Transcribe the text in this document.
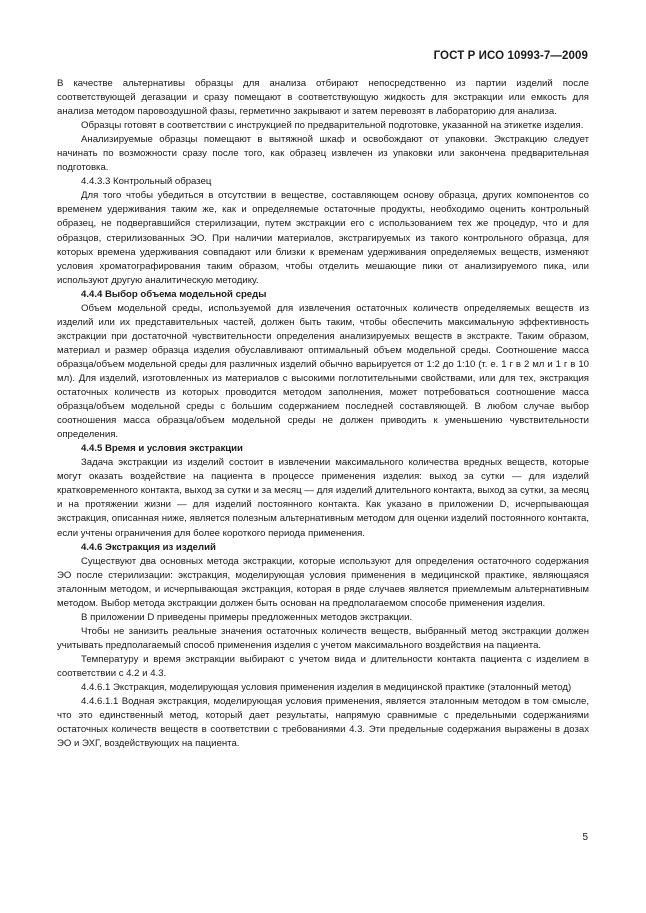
ГОСТ Р ИСО 10993-7—2009

В качестве альтернативы образцы для анализа отбирают непосредственно из партии изделий после соответствующей дегазации и сразу помещают в соответствующую жидкость для экстракции или емкость для анализа методом паровоздушной фазы, герметично закрывают и затем перевозят в лабораторию для анализа.

Образцы готовят в соответствии с инструкцией по предварительной подготовке, указанной на этикетке изделия.

Анализируемые образцы помещают в вытяжной шкаф и освобождают от упаковки. Экстракцию следует начинать по возможности сразу после того, как образец извлечен из упаковки или закончена предварительная подготовка.

4.4.3.3 Контрольный образец

Для того чтобы убедиться в отсутствии в веществе, составляющем основу образца, других компонентов со временем удерживания таким же, как и определяемые остаточные продукты, необходимо оценить контрольный образец, не подвергавшийся стерилизации, путем экстракции его с использованием тех же процедур, что и для образцов, стерилизованных ЭО. При наличии материалов, экстрагируемых из такого контрольного образца, для которых времена удерживания совпадают или близки к временам удерживания определяемых веществ, изменяют условия хроматографирования таким образом, чтобы отделить мешающие пики от анализируемого пика, или используют другую аналитическую методику.

4.4.4 Выбор объема модельной среды

Объем модельной среды, используемой для извлечения остаточных количеств определяемых веществ из изделий или их представительных частей, должен быть таким, чтобы обеспечить максимальную эффективность экстракции при достаточной чувствительности определения анализируемых веществ в экстракте. Таким образом, материал и размер образца изделия обуславливают оптимальный объем модельной среды. Соотношение масса образца/объем модельной среды для различных изделий обычно варьируется от 1:2 до 1:10 (т. е. 1 г в 2 мл и 1 г в 10 мл). Для изделий, изготовленных из материалов с высокими поглотительными свойствами, или для тех, экстракция остаточных количеств из которых проводится методом заполнения, может потребоваться соотношение масса образца/объем модельной среды с большим содержанием последней составляющей. В любом случае выбор соотношения масса образца/объем модельной среды не должен приводить к уменьшению чувствительности определения.

4.4.5 Время и условия экстракции

Задача экстракции из изделий состоит в извлечении максимального количества вредных веществ, которые могут оказать воздействие на пациента в процессе применения изделия: выход за сутки — для изделий кратковременного контакта, выход за сутки и за месяц — для изделий длительного контакта, выход за сутки, за месяц и на протяжении жизни — для изделий постоянного контакта. Как указано в приложении D, исчерпывающая экстракция, описанная ниже, является полезным альтернативным методом для оценки изделий постоянного контакта, если учтены ограничения для более короткого периода применения.

4.4.6 Экстракция из изделий

Существуют два основных метода экстракции, которые используют для определения остаточного содержания ЭО после стерилизации: экстракция, моделирующая условия применения в медицинской практике, являющаяся эталонным методом, и исчерпывающая экстракция, которая в ряде случаев является приемлемым альтернативным методом. Выбор метода экстракции должен быть основан на предполагаемом способе применения изделия.

В приложении D приведены примеры предложенных методов экстракции.

Чтобы не занизить реальные значения остаточных количеств веществ, выбранный метод экстракции должен учитывать предполагаемый способ применения изделия с учетом максимального воздействия на пациента.

Температуру и время экстракции выбирают с учетом вида и длительности контакта пациента с изделием в соответствии с 4.2 и 4.3.

4.4.6.1 Экстракция, моделирующая условия применения изделия в медицинской практике (эталонный метод)

4.4.6.1.1 Водная экстракция, моделирующая условия применения, является эталонным методом в том смысле, что это единственный метод, который дает результаты, напрямую сравнимые с предельными содержаниями остаточных количеств веществ в соответствии с требованиями 4.3. Эти предельные содержания выражены в дозах ЭО и ЭХГ, воздействующих на пациента.

5
